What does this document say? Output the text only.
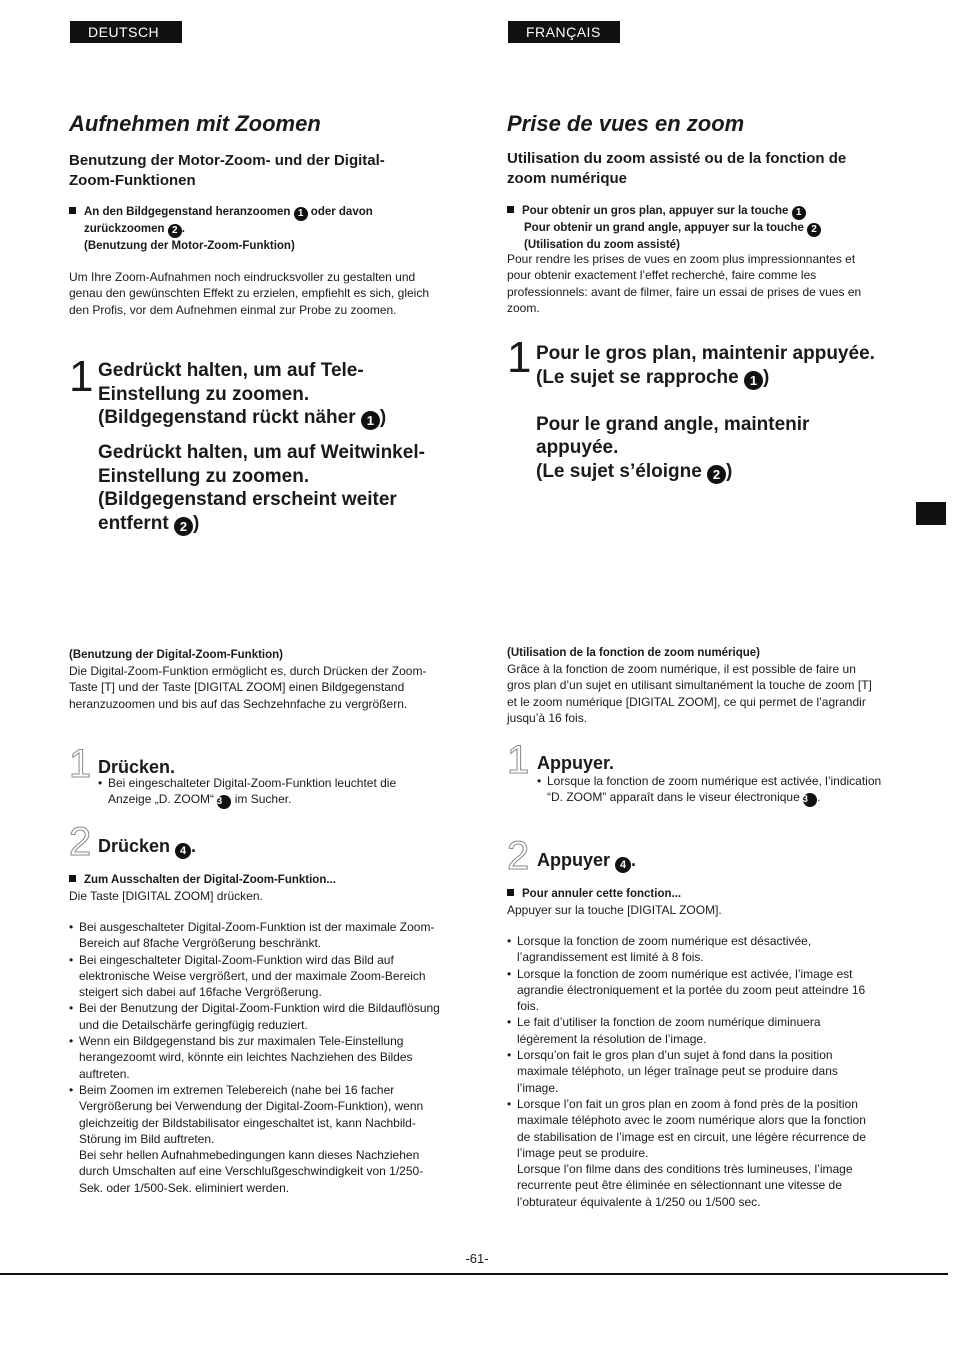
DEUTSCH	FRANÇAIS
Aufnehmen mit Zoomen
Benutzung der Motor-Zoom- und der Digital-Zoom-Funktionen
An den Bildgegenstand heranzoomen 1 oder davon
zurückzoomen 2 .
(Benutzung der Motor-Zoom-Funktion)
Um Ihre Zoom-Aufnahmen noch eindrucksvoller zu gestalten und genau den gewünschten Effekt zu erzielen, empfiehlt es sich, gleich den Profis, vor dem Aufnehmen einmal zur Probe zu zoomen.
1 Gedrückt halten, um auf Tele-Einstellung zu zoomen.
(Bildgegenstand rückt näher 1 )
Gedrückt halten, um auf Weitwinkel-Einstellung zu zoomen.
(Bildgegenstand erscheint weiter entfernt 2 )
(Benutzung der Digital-Zoom-Funktion)
Die Digital-Zoom-Funktion ermöglicht es, durch Drücken der Zoom-Taste [T] und der Taste [DIGITAL ZOOM] einen Bildgegenstand heranzuzoomen und bis auf das Sechzehnfache zu vergrößern.
1 Drücken.
• Bei eingeschalteter Digital-Zoom-Funktion leuchtet die Anzeige „D. ZOOM“ 3 im Sucher.
2 Drücken 4 .
Zum Ausschalten der Digital-Zoom-Funktion...
Die Taste [DIGITAL ZOOM] drücken.
• Bei ausgeschalteter Digital-Zoom-Funktion ist der maximale Zoom-Bereich auf 8fache Vergrößerung beschränkt.
• Bei eingeschalteter Digital-Zoom-Funktion wird das Bild auf elektronische Weise vergrößert, und der maximale Zoom-Bereich steigert sich dabei auf 16fache Vergrößerung.
• Bei der Benutzung der Digital-Zoom-Funktion wird die Bildauflösung und die Detailschärfe geringfügig reduziert.
• Wenn ein Bildgegenstand bis zur maximalen Tele-Einstellung herangezoomt wird, könnte ein leichtes Nachziehen des Bildes auftreten.
• Beim Zoomen im extremen Telebereich (nahe bei 16 facher Vergrößerung bei Verwendung der Digital-Zoom-Funktion), wenn gleichzeitig der Bildstabilisator eingeschaltet ist, kann Nachbild-Störung im Bild auftreten.
Bei sehr hellen Aufnahmebedingungen kann dieses Nachziehen durch Umschalten auf eine Verschlußgeschwindigkeit von 1/250-Sek. oder 1/500-Sek. eliminiert werden.
Prise de vues en zoom
Utilisation du zoom assisté ou de la fonction de zoom numérique
Pour obtenir un gros plan, appuyer sur la touche 1
Pour obtenir un grand angle, appuyer sur la touche 2
(Utilisation du zoom assisté)
Pour rendre les prises de vues en zoom plus impressionnantes et pour obtenir exactement l’effet recherché, faire comme les professionnels: avant de filmer, faire un essai de prises de vues en zoom.
1 Pour le gros plan, maintenir appuyée.
(Le sujet se rapproche 1 )
Pour le grand angle, maintenir appuyée.
(Le sujet s’éloigne 2 )
(Utilisation de la fonction de zoom numérique)
Grâce à la fonction de zoom numérique, il est possible de faire un gros plan d’un sujet en utilisant simultanément la touche de zoom [T] et le zoom numérique [DIGITAL ZOOM], ce qui permet de l’agrandir jusqu’à 16 fois.
1 Appuyer.
• Lorsque la fonction de zoom numérique est activée, l’indication “D. ZOOM” apparaît dans le viseur électronique 3 .
2 Appuyer 4 .
Pour annuler cette fonction...
Appuyer sur la touche [DIGITAL ZOOM].
• Lorsque la fonction de zoom numérique est désactivée, l’agrandissement est limité à 8 fois.
• Lorsque la fonction de zoom numérique est activée, l’image est agrandie électroniquement et la portée du zoom peut atteindre 16 fois.
• Le fait d’utiliser la fonction de zoom numérique diminuera légèrement la résolution de l’image.
• Lorsqu’on fait le gros plan d’un sujet à fond dans la position maximale téléphoto, un léger traînage peut se produire dans l’image.
• Lorsque l’on fait un gros plan en zoom à fond près de la position maximale téléphoto avec le zoom numérique alors que la fonction de stabilisation de l’image est en circuit, une légère récurrence de l’image peut se produire.
Lorsque l’on filme dans des conditions très lumineuses, l’image recurrente peut être éliminée en sélectionnant une vitesse de l’obturateur équivalente à 1/250 ou 1/500 sec.
-61-
